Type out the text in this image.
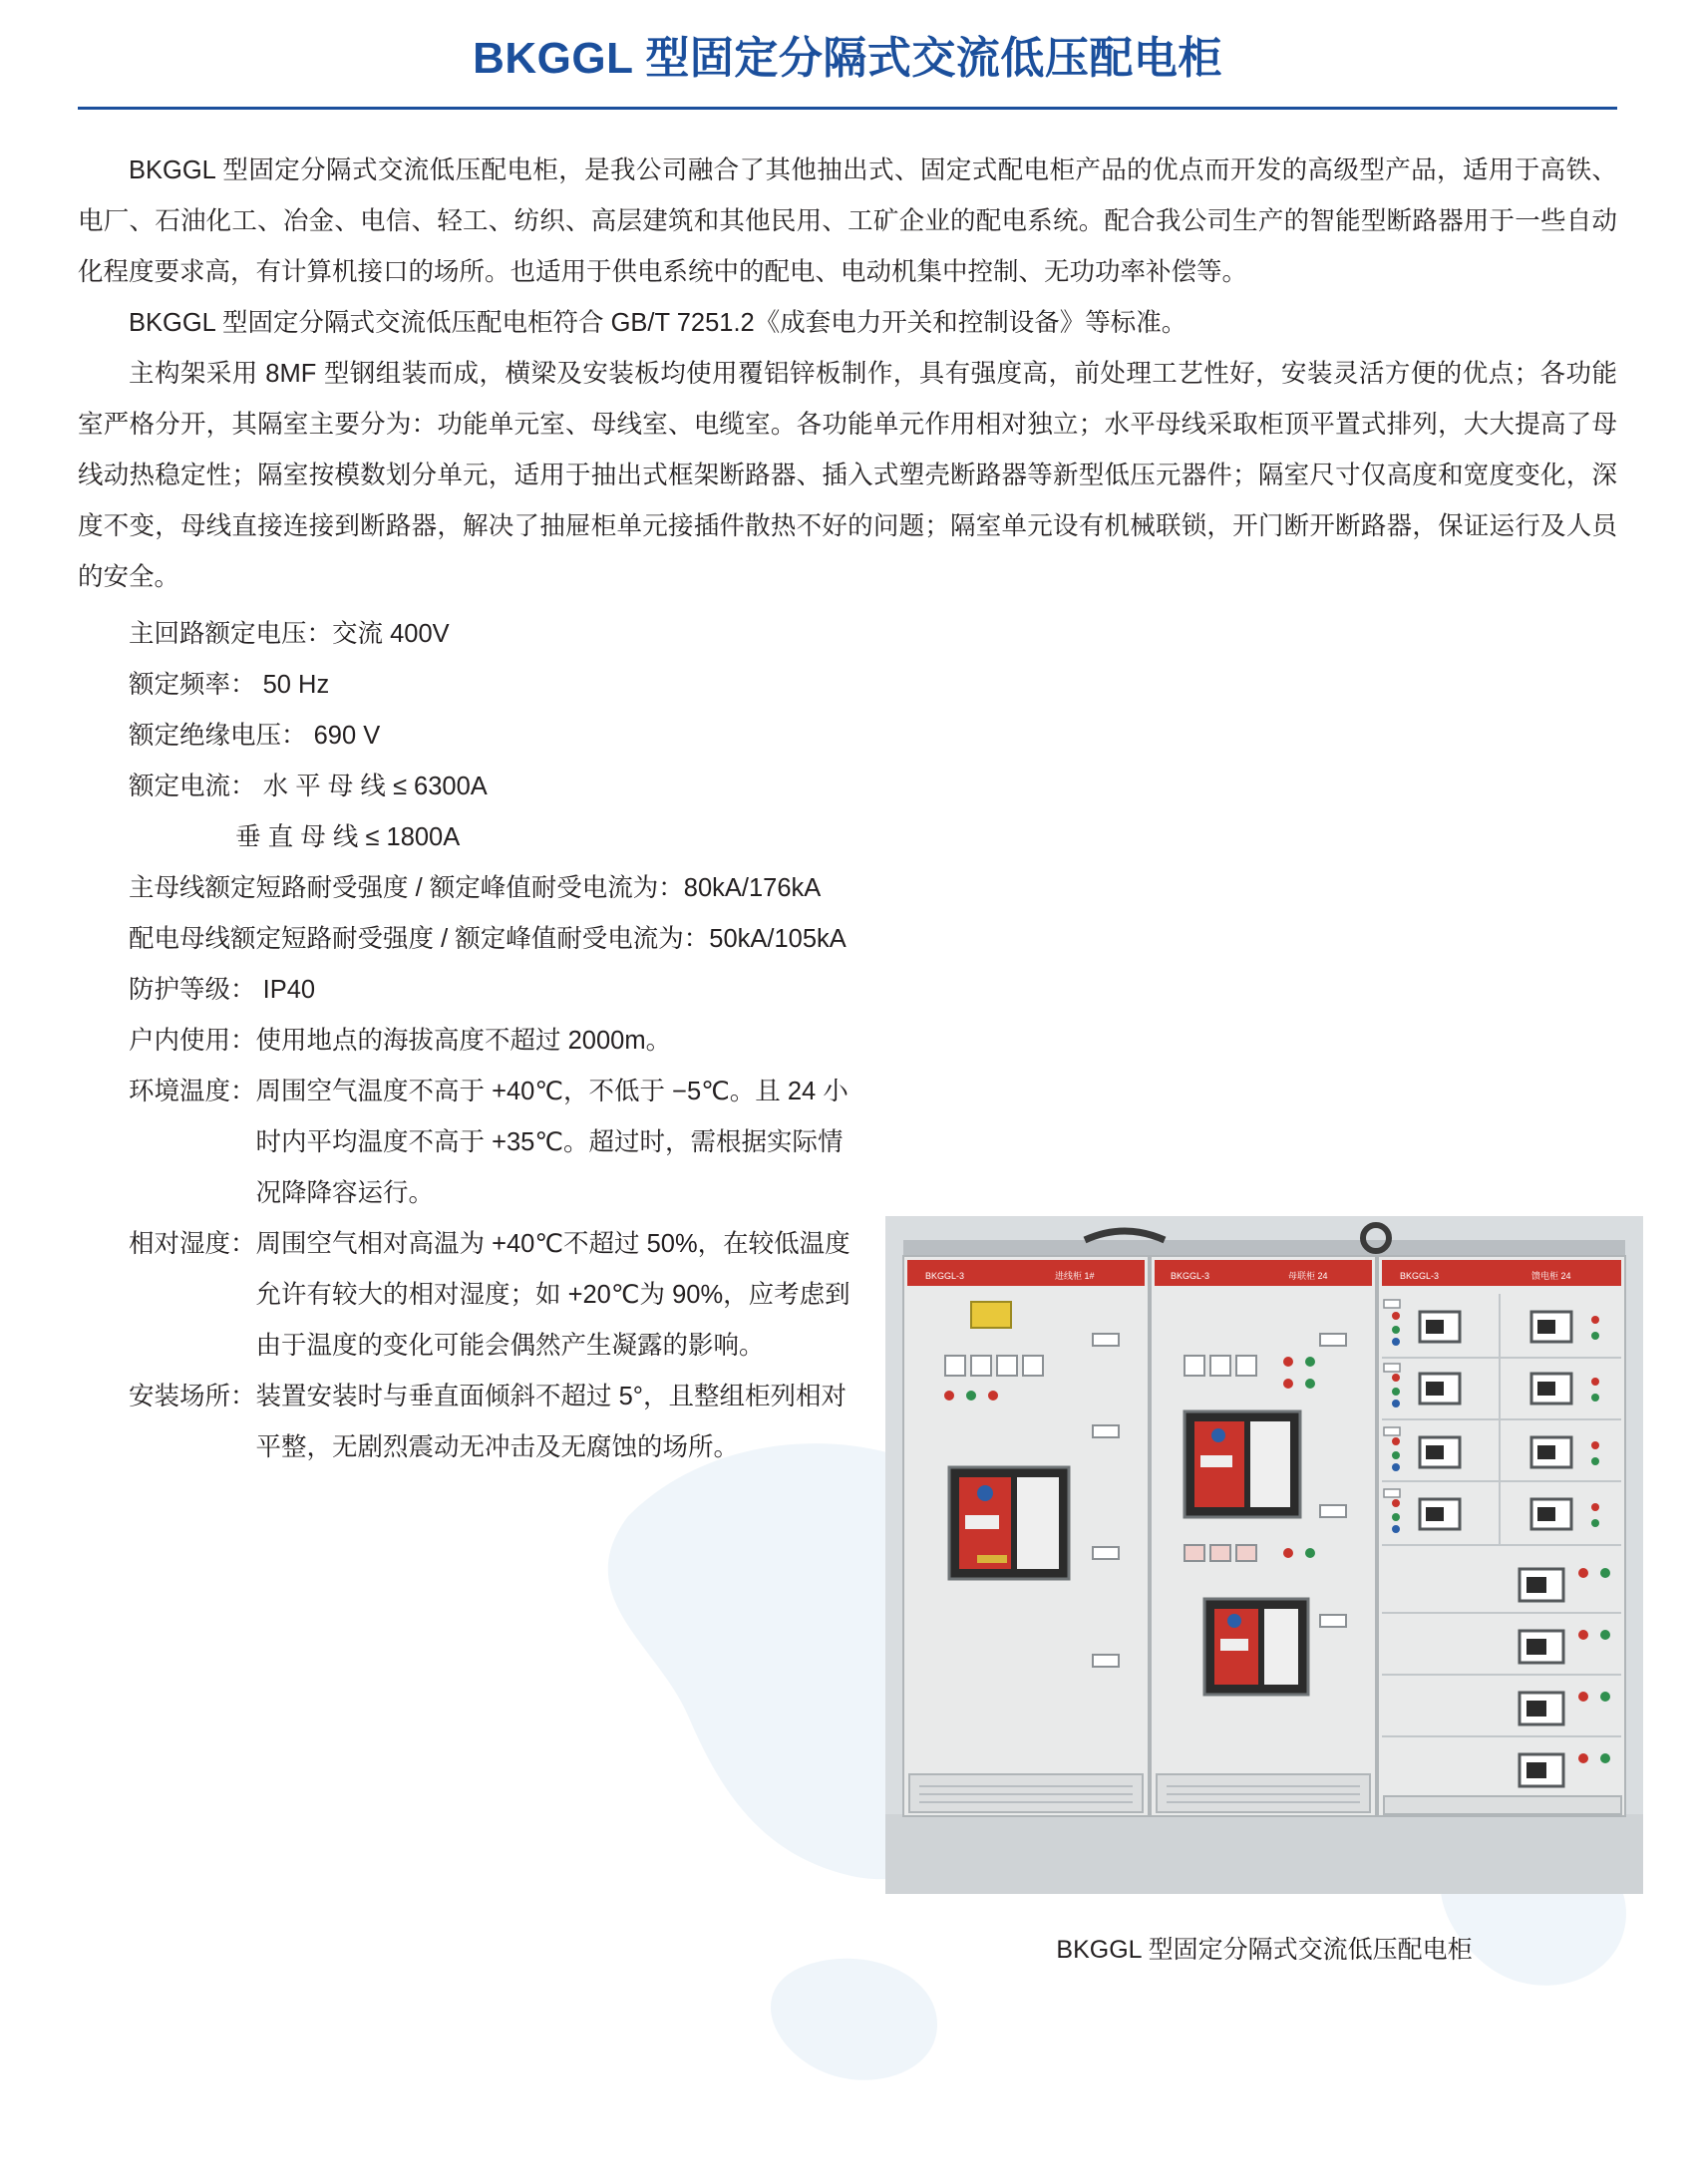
BKGGL 型固定分隔式交流低压配电柜

BKGGL 型固定分隔式交流低压配电柜，是我公司融合了其他抽出式、固定式配电柜产品的优点而开发的高级型产品，适用于高铁、电厂、石油化工、冶金、电信、轻工、纺织、高层建筑和其他民用、工矿企业的配电系统。配合我公司生产的智能型断路器用于一些自动化程度要求高，有计算机接口的场所。也适用于供电系统中的配电、电动机集中控制、无功功率补偿等。

BKGGL 型固定分隔式交流低压配电柜符合 GB/T 7251.2《成套电力开关和控制设备》等标准。

主构架采用 8MF 型钢组装而成，横梁及安装板均使用覆铝锌板制作，具有强度高，前处理工艺性好，安装灵活方便的优点；各功能室严格分开，其隔室主要分为：功能单元室、母线室、电缆室。各功能单元作用相对独立；水平母线采取柜顶平置式排列，大大提高了母线动热稳定性；隔室按模数划分单元，适用于抽出式框架断路器、插入式塑壳断路器等新型低压元器件；隔室尺寸仅高度和宽度变化，深度不变，母线直接连接到断路器，解决了抽屉柜单元接插件散热不好的问题；隔室单元设有机械联锁，开门断开断路器，保证运行及人员的安全。

主回路额定电压： 交流 400V
额定频率： 50 Hz
额定绝缘电压： 690 V
额定电流： 水 平 母 线 ≤ 6300A
垂 直 母 线 ≤ 1800A
主母线额定短路耐受强度 / 额定峰值耐受电流为： 80kA/176kA
配电母线额定短路耐受强度 / 额定峰值耐受电流为： 50kA/105kA
防护等级： IP40
户内使用： 使用地点的海拔高度不超过 2000m。
环境温度： 周围空气温度不高于 +40℃，不低于 −5℃。且 24 小时内平均温度不高于 +35℃。超过时，需根据实际情况降降容运行。
相对湿度： 周围空气相对高温为 +40℃不超过 50%，在较低温度允许有较大的相对湿度；如 +20℃为 90%，应考虑到由于温度的变化可能会偶然产生凝露的影响。
安装场所： 装置安装时与垂直面倾斜不超过 5°，且整组柜列相对平整，无剧烈震动无冲击及无腐蚀的场所。
BKGGL-3	进线柜 1#	BKGGL-3	母联柜 24	BKGGL-3	馈电柜 24
BKGGL 型固定分隔式交流低压配电柜
